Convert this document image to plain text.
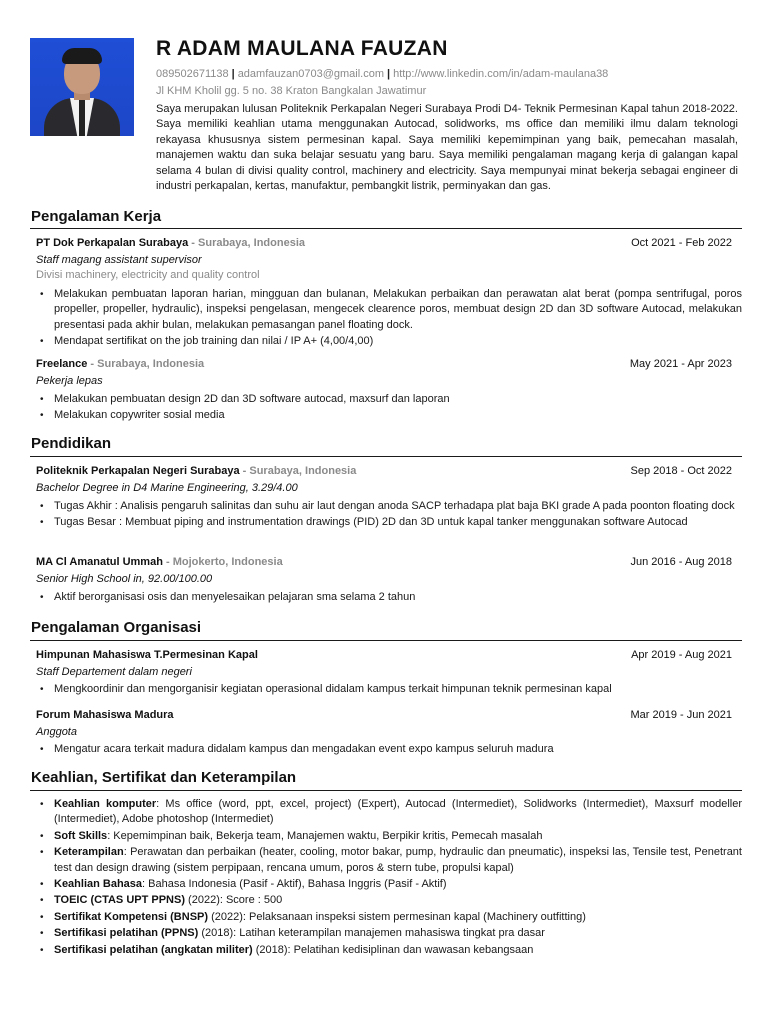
R ADAM MAULANA FAUZAN
089502671138 | adamfauzan0703@gmail.com | http://www.linkedin.com/in/adam-maulana38
Jl KHM Kholil gg. 5 no. 38 Kraton Bangkalan Jawatimur
Saya merupakan lulusan Politeknik Perkapalan Negeri Surabaya Prodi D4- Teknik Permesinan Kapal tahun 2018-2022. Saya memiliki keahlian utama menggunakan Autocad, solidworks, ms office dan memiliki ilmu dalam teknologi rekayasa khususnya sistem permesinan kapal. Saya memiliki kepemimpinan yang baik, pemecahan masalah, manajemen waktu dan suka belajar sesuatu yang baru. Saya memiliki pengalaman magang kerja di galangan kapal selama 4 bulan di divisi quality control, machinery and electricity. Saya mempunyai minat bekerja sebagai engineer di industri perkapalan, kertas, manufaktur, pembangkit listrik, perminyakan dan gas.
Pengalaman Kerja
PT Dok Perkapalan Surabaya - Surabaya, Indonesia	Oct 2021 - Feb 2022
Staff magang assistant supervisor
Divisi machinery, electricity and quality control
• Melakukan pembuatan laporan harian, mingguan dan bulanan, Melakukan perbaikan dan perawatan alat berat (pompa sentrifugal, poros propeller, propeller, hydraulic), inspeksi pengelasan, mengecek clearence poros, membuat design 2D dan 3D software Autocad, melakukan presentasi pada akhir bulan, melakukan pemasangan panel floating dock.
• Mendapat sertifikat on the job training dan nilai / IP A+ (4,00/4,00)
Freelance - Surabaya, Indonesia	May 2021 - Apr 2023
Pekerja lepas
• Melakukan pembuatan design 2D dan 3D software autocad, maxsurf dan laporan
• Melakukan copywriter sosial media
Pendidikan
Politeknik Perkapalan Negeri Surabaya - Surabaya, Indonesia	Sep 2018 - Oct 2022
Bachelor Degree in D4 Marine Engineering, 3.29/4.00
• Tugas Akhir : Analisis pengaruh salinitas dan suhu air laut dengan anoda SACP terhadapa plat baja BKI grade A pada poonton floating dock
• Tugas Besar : Membuat piping and instrumentation drawings (PID) 2D dan 3D untuk kapal tanker menggunakan software Autocad
MA Cl Amanatul Ummah - Mojokerto, Indonesia	Jun 2016 - Aug 2018
Senior High School in, 92.00/100.00
• Aktif berorganisasi osis dan menyelesaikan pelajaran sma selama 2 tahun
Pengalaman Organisasi
Himpunan Mahasiswa T.Permesinan Kapal	Apr 2019 - Aug 2021
Staff Departement dalam negeri
• Mengkoordinir dan mengorganisir kegiatan operasional didalam kampus terkait himpunan teknik permesinan kapal
Forum Mahasiswa Madura	Mar 2019 - Jun 2021
Anggota
• Mengatur acara terkait madura didalam kampus dan mengadakan event expo kampus seluruh madura
Keahlian, Sertifikat dan Keterampilan
• Keahlian komputer: Ms office (word, ppt, excel, project) (Expert), Autocad (Intermediet), Solidworks (Intermediet), Maxsurf modeller (Intermediet), Adobe photoshop (Intermediet)
• Soft Skills: Kepemimpinan baik, Bekerja team, Manajemen waktu, Berpikir kritis, Pemecah masalah
• Keterampilan: Perawatan dan perbaikan (heater, cooling, motor bakar, pump, hydraulic dan pneumatic), inspeksi las, Tensile test, Penetrant test dan design drawing (sistem perpipaan, rencana umum, poros & stern tube, propulsi kapal)
• Keahlian Bahasa: Bahasa Indonesia (Pasif - Aktif), Bahasa Inggris (Pasif - Aktif)
• TOEIC (CTAS UPT PPNS) (2022): Score : 500
• Sertifikat Kompetensi (BNSP) (2022): Pelaksanaan inspeksi sistem permesinan kapal (Machinery outfitting)
• Sertifikasi pelatihan (PPNS) (2018): Latihan keterampilan manajemen mahasiswa tingkat pra dasar
• Sertifikasi pelatihan (angkatan militer) (2018): Pelatihan kedisiplinan dan wawasan kebangsaan
